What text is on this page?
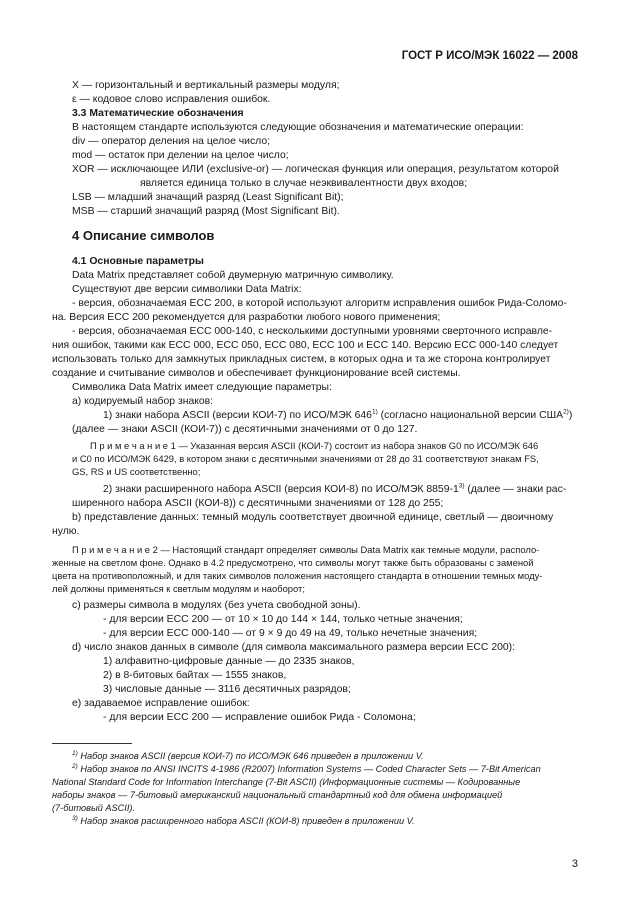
ГОСТ Р ИСО/МЭК 16022 — 2008
X — горизонтальный и вертикальный размеры модуля;
ε — кодовое слово исправления ошибок.
3.3 Математические обозначения
В настоящем стандарте используются следующие обозначения и математические операции:
div — оператор деления на целое число;
mod — остаток при делении на целое число;
XOR — исключающее ИЛИ (exclusive-or) — логическая функция или операция, результатом которой
является единица только в случае неэквивалентности двух входов;
LSB — младший значащий разряд (Least Significant Bit);
MSB — старший значащий разряд (Most Significant Bit).
4 Описание символов
4.1 Основные параметры
Data Matrix представляет собой двумерную матричную символику.
Существуют две версии символики Data Matrix:
- версия, обозначаемая ECC 200, в которой используют алгоритм исправления ошибок Рида-Соломо-
на. Версия ECC 200 рекомендуется для разработки любого нового применения;
- версия, обозначаемая ECC 000-140, с несколькими доступными уровнями сверточного исправле-
ния ошибок, такими как ECC 000, ECC 050, ECC 080, ECC 100 и ECC 140. Версию ECC 000-140 следует
использовать только для замкнутых прикладных систем, в которых одна и та же сторона контролирует
создание и считывание символов и обеспечивает функционирование всей системы.
Символика Data Matrix имеет следующие параметры:
а) кодируемый набор знаков:
1) знаки набора ASCII (версии КОИ-7) по ИСО/МЭК 646$^{1)}$ (согласно национальной версии США$^{2)}$)
(далее — знаки ASCII (КОИ-7)) с десятичными значениями от 0 до 127.
П р и м е ч а н и е 1 — Указанная версия ASCII (КОИ-7) состоит из набора знаков G0 по ИСО/МЭК 646
и C0 по ИСО/МЭК 6429, в котором знаки с десятичными значениями от 28 до 31 соответствуют знакам FS,
GS, RS и US соответственно;
2) знаки расширенного набора ASCII (версия КОИ-8) по ИСО/МЭК 8859-1$^{3)}$ (далее — знаки рас-
ширенного набора ASCII (КОИ-8)) с десятичными значениями от 128 до 255;
b) представление данных: темный модуль соответствует двоичной единице, светлый — двоичному
нулю.
П р и м е ч а н и е 2 — Настоящий стандарт определяет символы Data Matrix как темные модули, располо-
женные на светлом фоне. Однако в 4.2 предусмотрено, что символы могут также быть образованы с заменой
цвета на противоположный, и для таких символов положения настоящего стандарта в отношении темных моду-
лей должны применяться к светлым модулям и наоборот;
с) размеры символа в модулях (без учета свободной зоны).
- для версии ECC 200 — от 10 × 10 до 144 × 144, только четные значения;
- для версии ECC 000-140 — от 9 × 9 до 49 на 49, только нечетные значения;
d) число знаков данных в символе (для символа максимального размера версии ECC 200):
1) алфавитно-цифровые данные — до 2335 знаков,
2) в 8-битовых байтах — 1555 знаков,
3) числовые данные — 3116 десятичных разрядов;
е) задаваемое исправление ошибок:
- для версии ECC 200 — исправление ошибок Рида - Соломона;
$^{1)}$ Набор знаков ASCII (версия КОИ-7) по ИСО/МЭК 646 приведен в приложении V.
$^{2)}$ Набор знаков по ANSI INCITS 4-1986 (R2007) Information Systems — Coded Character Sets — 7-Bit American
National Standard Code for Information Interchange (7-Bit ASCII) (Информационные системы — Кодированные
наборы знаков — 7-битовый американский национальный стандартный код для обмена информацией
(7-битовый ASCII).
$^{3)}$ Набор знаков расширенного набора ASCII (КОИ-8) приведен в приложении V.
3
